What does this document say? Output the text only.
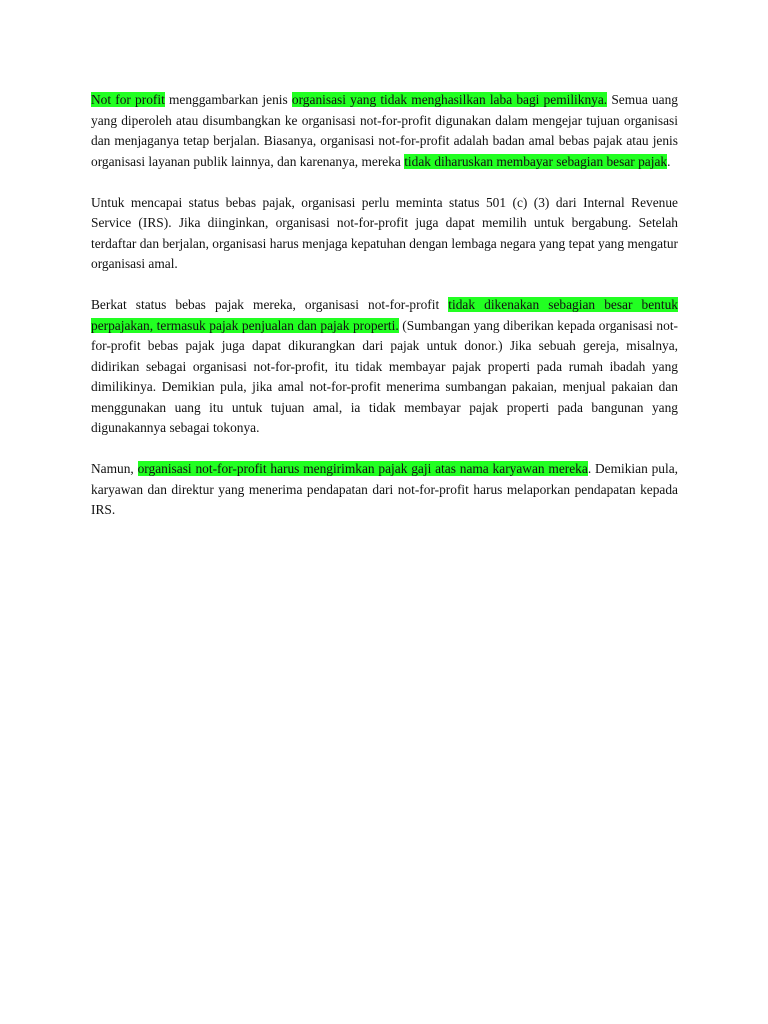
Not for profit menggambarkan jenis organisasi yang tidak menghasilkan laba bagi pemiliknya. Semua uang yang diperoleh atau disumbangkan ke organisasi not-for-profit digunakan dalam mengejar tujuan organisasi dan menjaganya tetap berjalan. Biasanya, organisasi not-for-profit adalah badan amal bebas pajak atau jenis organisasi layanan publik lainnya, dan karenanya, mereka tidak diharuskan membayar sebagian besar pajak.

Untuk mencapai status bebas pajak, organisasi perlu meminta status 501 (c) (3) dari Internal Revenue Service (IRS). Jika diinginkan, organisasi not-for-profit juga dapat memilih untuk bergabung. Setelah terdaftar dan berjalan, organisasi harus menjaga kepatuhan dengan lembaga negara yang tepat yang mengatur organisasi amal.

Berkat status bebas pajak mereka, organisasi not-for-profit tidak dikenakan sebagian besar bentuk perpajakan, termasuk pajak penjualan dan pajak properti. (Sumbangan yang diberikan kepada organisasi not-for-profit bebas pajak juga dapat dikurangkan dari pajak untuk donor.) Jika sebuah gereja, misalnya, didirikan sebagai organisasi not-for-profit, itu tidak membayar pajak properti pada rumah ibadah yang dimilikinya. Demikian pula, jika amal not-for-profit menerima sumbangan pakaian, menjual pakaian dan menggunakan uang itu untuk tujuan amal, ia tidak membayar pajak properti pada bangunan yang digunakannya sebagai tokonya.

Namun, organisasi not-for-profit harus mengirimkan pajak gaji atas nama karyawan mereka. Demikian pula, karyawan dan direktur yang menerima pendapatan dari not-for-profit harus melaporkan pendapatan kepada IRS.
